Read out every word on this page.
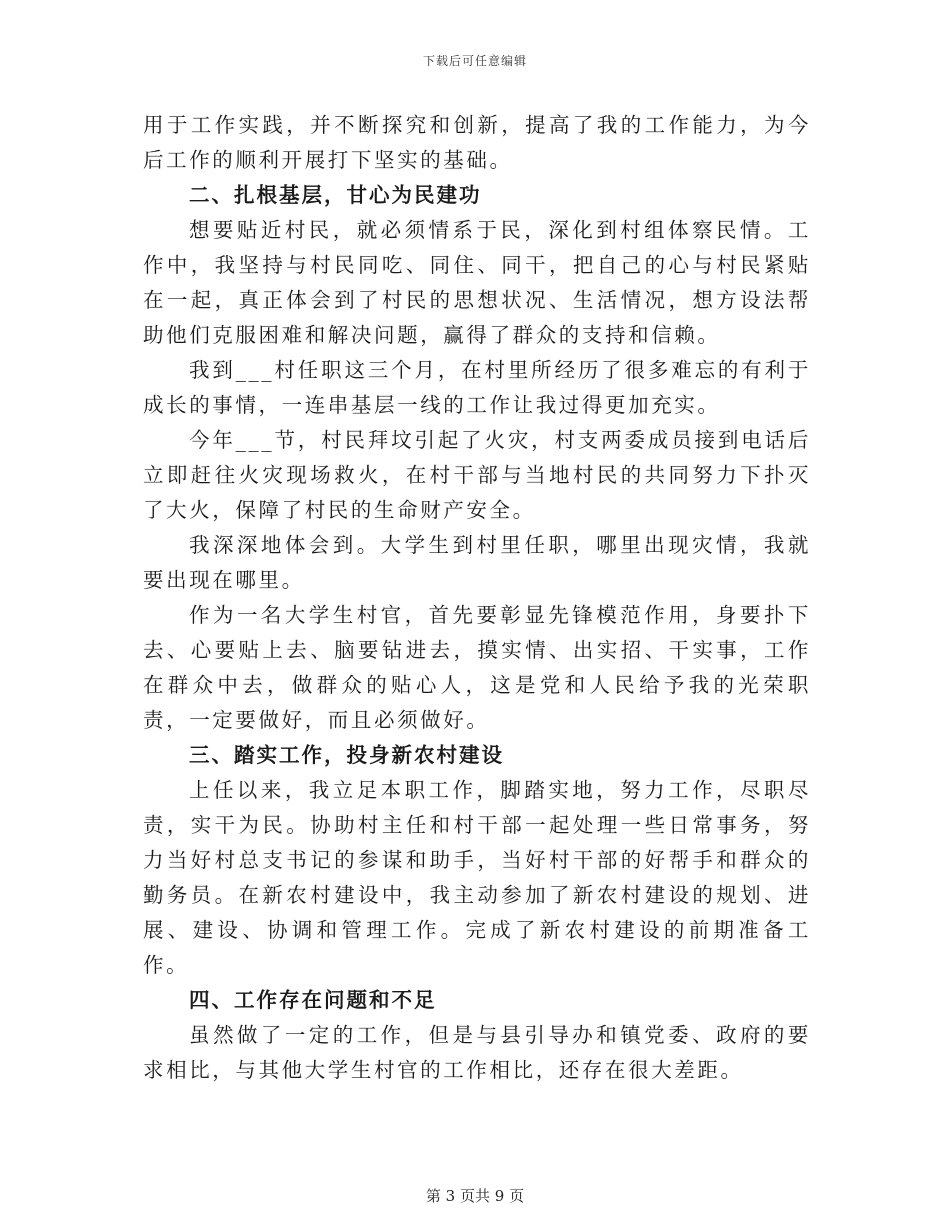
下载后可任意编辑

用于工作实践，并不断探究和创新，提高了我的工作能力，为今后工作的顺利开展打下坚实的基础。

二、扎根基层，甘心为民建功

想要贴近村民，就必须情系于民，深化到村组体察民情。工作中，我坚持与村民同吃、同住、同干，把自己的心与村民紧贴在一起，真正体会到了村民的思想状况、生活情况，想方设法帮助他们克服困难和解决问题，赢得了群众的支持和信赖。

我到___村任职这三个月，在村里所经历了很多难忘的有利于成长的事情，一连串基层一线的工作让我过得更加充实。

今年___节，村民拜坟引起了火灾，村支两委成员接到电话后立即赶往火灾现场救火，在村干部与当地村民的共同努力下扑灭了大火，保障了村民的生命财产安全。

我深深地体会到。大学生到村里任职，哪里出现灾情，我就要出现在哪里。

作为一名大学生村官，首先要彰显先锋模范作用，身要扑下去、心要贴上去、脑要钻进去，摸实情、出实招、干实事，工作在群众中去，做群众的贴心人，这是党和人民给予我的光荣职责，一定要做好，而且必须做好。

三、踏实工作，投身新农村建设

上任以来，我立足本职工作，脚踏实地，努力工作，尽职尽责，实干为民。协助村主任和村干部一起处理一些日常事务，努力当好村总支书记的参谋和助手，当好村干部的好帮手和群众的勤务员。在新农村建设中，我主动参加了新农村建设的规划、进展、建设、协调和管理工作。完成了新农村建设的前期准备工作。

四、工作存在问题和不足

虽然做了一定的工作，但是与县引导办和镇党委、政府的要求相比，与其他大学生村官的工作相比，还存在很大差距。

第 3 页共 9 页
